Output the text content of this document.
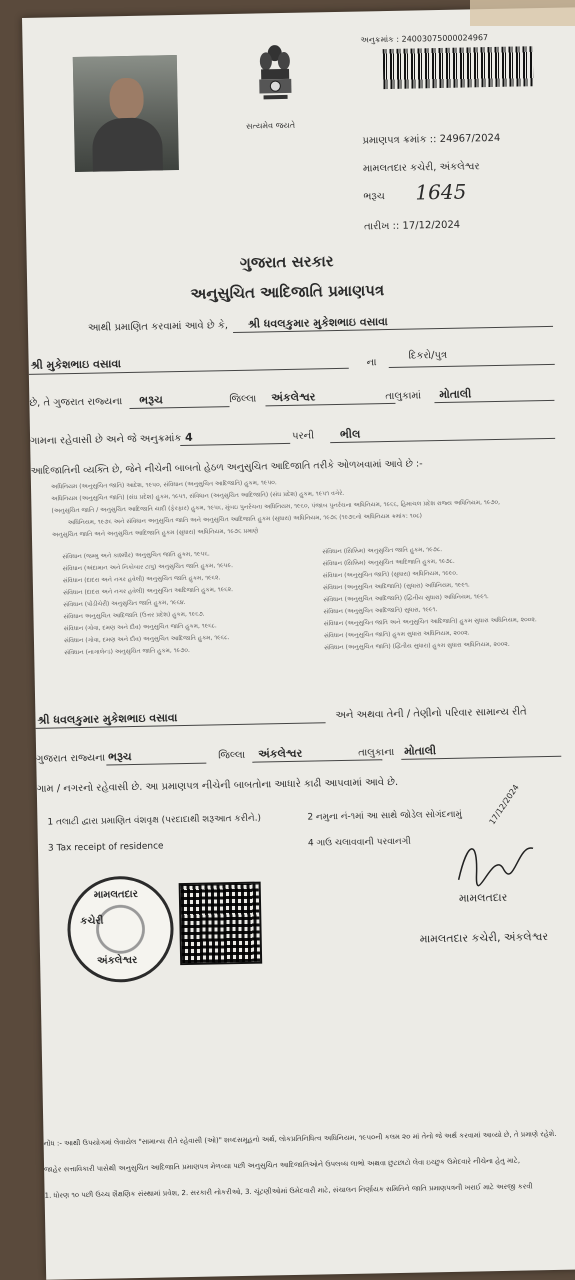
સત્યમેવ જયતે
અનુક્રમાંક : 24003075000024967
પ્રમાણપત્ર ક્રમાંક :: 24967/2024
મામલતદાર કચેરી, અંકલેશ્વર
ભરૂચ 1645
તારીખ :: 17/12/2024
ગુજરાત સરકાર
અનુસુચિત આદિજાતિ પ્રમાણપત્ર
આથી પ્રમાણિત કરવામાં આવે છે કે, શ્રી ધવલકુમાર મુકેશભાઇ વસાવા
શ્રી મુકેશભાઇ વસાવા	ના
દિકરો/પુત્ર
છે, તે ગુજરાત રાજ્યના ભરૂચ	જિલ્લા અંકલેશ્વર	તાલુકામાં મોતાલી
ગામના રહેવાસી છે અને જે અનુક્રમાંક 4	પરની ભીલ
આદિજાતિની વ્યક્તિ છે, જેને નીચેની બાબતો હેઠળ અનુસુચિત આદિજાતિ તરીકે ઓળખવામાં આવે છે :-
અધિનિયમ (અનુસુચિત જાતિ) આદેશ, ૧૯૫૦, સંવિધાન (અનુસુચિત આદિજાતિ) હુકમ, ૧૯૫૦.
અધિનિયમ (અનુસુચિત જાતિ) (સંઘ પ્રદેશ) હુકમ, ૧૯૫૧, સંવિધાન (અનુસુચિત આદિજાતિ) (સંઘ પ્રદેશ) હુકમ, ૧૯૫૧ વગેરે.
(અનુસુચિત જાતિ / અનુસુચિત આદિજાતિ યાદી (ફેરફાર) હુકમ, ૧૯૫૬, મુંબઇ પુનર્રચના અધિનિયમ, ૧૯૬૦, પંજાબ પુનર્રચના અધિનિયમ, ૧૯૬૬, હિમાચલ પ્રદેશ રાજ્ય અધિનિયમ, ૧૯૭૦,
અધિનિયમ, ૧૯૭૬ અને સંવિધાન અનુસુચિત જાતિ અને અનુસુચિત આદિજાતિ હુકમ (સુધારા) અધિનિયમ, ૧૯૭૬ (૧૯૭૬નો અધિનિયમ ક્રમાંક: ૧૦૮)
અનુસુચિત જાતિ અને અનુસુચિત આદિજાતિ હુકમ (સુધારા) અધિનિયમ, ૧૯૭૬ પ્રમાણે
સંવિધાન (જમ્મુ અને કાશ્મીર) અનુસુચિત જાતિ હુકમ, ૧૯૫૬.
સંવિધાન (અંદામાન અને નિકોબાર ટાપુ) અનુસુચિત જાતિ હુકમ, ૧૯૫૯.
સંવિધાન (દાદરા અને નગર હવેલી) અનુસુચિત જાતિ હુકમ, ૧૯૬૨.
સંવિધાન (દાદરા અને નગર હવેલી) અનુસુચિત આદિજાતિ હુકમ, ૧૯૬૨.
સંવિધાન (પોંડીચેરી) અનુસુચિત જાતિ હુકમ, ૧૯૬૪.
સંવિધાન અનુસુચિત આદિજાતિ (ઉત્તર પ્રદેશ) હુકમ, ૧૯૬૭.
સંવિધાન (ગોવા, દમણ અને દીવ) અનુસુચિત જાતિ હુકમ, ૧૯૬૮.
સંવિધાન (ગોવા, દમણ અને દીવ) અનુસુચિત આદિજાતિ હુકમ, ૧૯૬૮.
સંવિધાન (નાગાલેન્ડ) અનુસુચિત જાતિ હુકમ, ૧૯૭૦.
સંવિધાન (સિક્કિમ) અનુસુચિત જાતિ હુકમ, ૧૯૭૮.
સંવિધાન (સિક્કિમ) અનુસુચિત આદિજાતિ હુકમ, ૧૯૭૮.
સંવિધાન (અનુસુચિત જાતિ) (સુધારા) અધિનિયમ, ૧૯૯૦.
સંવિધાન (અનુસુચિત આદિજાતિ) (સુધારા) અધિનિયમ, ૧૯૯૧.
સંવિધાન (અનુસુચિત આદિજાતિ) (દ્વિતીય સુધારા) અધિનિયમ, ૧૯૯૧.
સંવિધાન (અનુસુચિત આદિજાતિ) સુધારા, ૧૯૯૧.
સંવિધાન (અનુસુચિત જાતિ અને અનુસુચિત આદિજાતિ) હુકમ સુધારા અધિનિયમ, ૨૦૦૨.
સંવિધાન (અનુસુચિત જાતિ) હુકમ સુધારા અધિનિયમ, ૨૦૦૨.
સંવિધાન (અનુસુચિત જાતિ) (દ્વિતીય સુધારા) હુકમ સુધારા અધિનિયમ, ૨૦૦૨.
શ્રી ધવલકુમાર મુકેશભાઇ વસાવા	અને અથવા તેની / તેણીનો પરિવાર સામાન્ય રીતે
ગુજરાત રાજ્યના ભરૂચ	જિલ્લા અંકલેશ્વર	તાલુકાના મોતાલી
ગામ / નગરનો રહેવાસી છે. આ પ્રમાણપત્ર નીચેની બાબતોના આધારે કાઢી આપવામાં આવે છે.
1 તલાટી દ્વારા પ્રમાણિત વંશવૃક્ષ (પરદાદાથી શરૂઆત કરીને.)	2 નમુના નં-૧માં આ સાથે જોડેલ સોગંદનામું
3 Tax receipt of residence	4 ગાઉ ચલાવવાની પરવાનગી
મામલતદાર
કચેરી
અંકલેશ્વર
17/12/2024
મામલતદાર
મામલતદાર કચેરી, અંકલેશ્વર
નોંધ :- આથી ઉપયોગમાં લેવાયેલ "સામાન્ય રીતે રહેવાસી (ઓ)" શબ્દસમૂહનો અર્થ, લોકપ્રતિનિધિત્વ અધિનિયમ, ૧૯૫૦ની કલમ ૨૦ માં તેનો જે અર્થ કરવામાં આવ્યો છે, તે પ્રમાણે રહેશે.
જાહેર સત્તાવિકારી પાસેથી અનુસુચિત આદિજાતિ પ્રમાણપત્ર મેળવ્યા પછી અનુસુચિત આદિજાતિઓને ઉપલબ્ધ લાભો અથવા છુટછાટો લેવા ઇચ્છુક ઉમેદવારે નીચેના હેતુ માટે,
1. ધોરણ ૧૦ પછી ઉચ્ચ શૈક્ષણિક સંસ્થામાં પ્રવેશ, 2. સરકારી નોકરીઓ, 3. ચૂંટણીઓમાં ઉમેદવારી માટે, સંચાલન નિર્ણાયક સમિતિને જાતિ પ્રમાણપત્રની ખરાઈ માટે અરજી કરવી
